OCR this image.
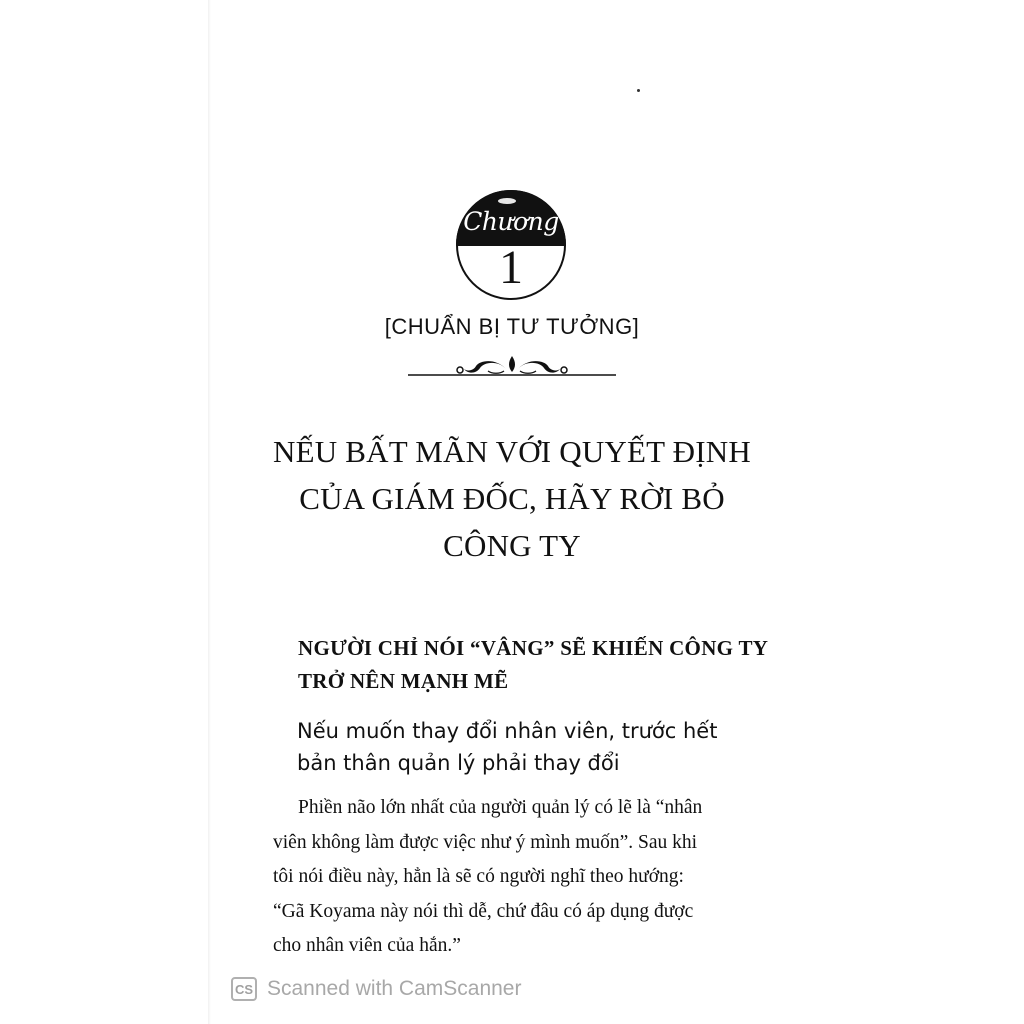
Chương
1
[CHUẨN BỊ TƯ TƯỞNG]
NẾU BẤT MÃN VỚI QUYẾT ĐỊNH
CỦA GIÁM ĐỐC, HÃY RỜI BỎ
CÔNG TY
NGƯỜI CHỈ NÓI “VÂNG” SẼ KHIẾN CÔNG TY
TRỞ NÊN MẠNH MẼ
Nếu muốn thay đổi nhân viên, trước hết
bản thân quản lý phải thay đổi
Phiền não lớn nhất của người quản lý có lẽ là “nhân
viên không làm được việc như ý mình muốn”. Sau khi
tôi nói điều này, hẳn là sẽ có người nghĩ theo hướng:
“Gã Koyama này nói thì dễ, chứ đâu có áp dụng được
cho nhân viên của hắn.”
CS Scanned with CamScanner
